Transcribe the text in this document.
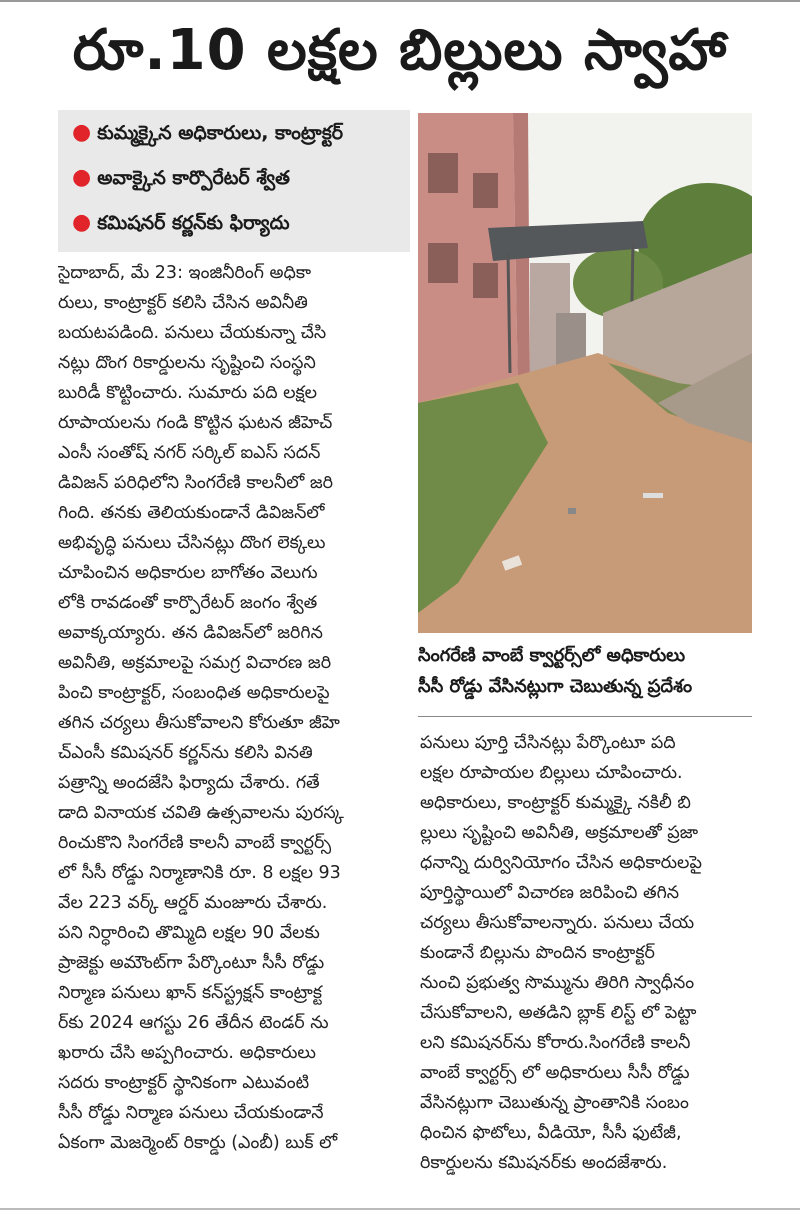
రూ.10 లక్షల బిల్లులు స్వాహా
● కుమ్మక్కైన అధికారులు, కాంట్రాక్టర్
● అవాక్కైన కార్పొరేటర్ శ్వేత
● కమిషనర్ కర్ణన్‌కు ఫిర్యాదు
సింగరేణి వాంబే క్వార్టర్స్‌లో అధికారులు
సీసీ రోడ్డు వేసినట్లుగా చెబుతున్న ప్రదేశం
సైదాబాద్, మే 23: ఇంజినీరింగ్ అధికా
రులు, కాంట్రాక్టర్ కలిసి చేసిన అవినీతి
బయటపడింది. పనులు చేయకున్నా చేసి
నట్లు దొంగ రికార్డులను సృష్టించి సంస్థని
బురిడీ కొట్టించారు. సుమారు పది లక్షల
రూపాయలను గండి కొట్టిన ఘటన జీహెచ్
ఎంసీ సంతోష్ నగర్ సర్కిల్ ఐఎస్ సదన్
డివిజన్ పరిధిలోని సింగరేణి కాలనీలో జరి
గింది. తనకు తెలియకుండానే డివిజన్‌లో
అభివృద్ధి పనులు చేసినట్లు దొంగ లెక్కలు
చూపించిన అధికారుల బాగోతం వెలుగు
లోకి రావడంతో కార్పొరేటర్ జంగం శ్వేత
అవాక్కయ్యారు. తన డివిజన్‌లో జరిగిన
అవినీతి, అక్రమాలపై సమగ్ర విచారణ జరి
పించి కాంట్రాక్టర్, సంబంధిత అధికారులపై
తగిన చర్యలు తీసుకోవాలని కోరుతూ జీహె
చ్‌ఎంసీ కమిషనర్ కర్ణన్‌ను కలిసి వినతి
పత్రాన్ని అందజేసి ఫిర్యాదు చేశారు. గతే
డాది వినాయక చవితి ఉత్సవాలను పురస్క
రించుకొని సింగరేణి కాలనీ వాంబే క్వార్టర్స్
లో సీసీ రోడ్డు నిర్మాణానికి రూ. 8 లక్షల 93
వేల 223 వర్క్ ఆర్డర్ మంజూరు చేశారు.
పని నిర్ధారించి తొమ్మిది లక్షల 90 వేలకు
ప్రాజెక్టు అమౌంట్‌గా పేర్కొంటూ సీసీ రోడ్డు
నిర్మాణ పనులు ఖాన్ కన్‌స్ట్రక్షన్ కాంట్రాక్ట
ర్‌కు 2024 ఆగస్టు 26 తేదీన టెండర్ ను
ఖరారు చేసి అప్పగించారు. అధికారులు
సదరు కాంట్రాక్టర్ స్థానికంగా ఎటువంటి
సీసీ రోడ్డు నిర్మాణ పనులు చేయకుండానే
ఏకంగా మెజర్మెంట్ రికార్డు (ఎంబీ) బుక్ లో
పనులు పూర్తి చేసినట్లు పేర్కొంటూ పది
లక్షల రూపాయల బిల్లులు చూపించారు.
అధికారులు, కాంట్రాక్టర్ కుమ్మక్కై నకిలీ బి
ల్లులు సృష్టించి అవినీతి, అక్రమాలతో ప్రజా
ధనాన్ని దుర్వినియోగం చేసిన అధికారులపై
పూర్తిస్థాయిలో విచారణ జరిపించి తగిన
చర్యలు తీసుకోవాలన్నారు. పనులు చేయ
కుండానే బిల్లును పొందిన కాంట్రాక్టర్
నుంచి ప్రభుత్వ సొమ్మును తిరిగి స్వాధీనం
చేసుకోవాలని, అతడిని బ్లాక్ లిస్ట్ లో పెట్టా
లని కమిషనర్‌ను కోరారు.సింగరేణి కాలనీ
వాంబే క్వార్టర్స్ లో అధికారులు సీసీ రోడ్డు
వేసినట్లుగా చెబుతున్న ప్రాంతానికి సంబం
ధించిన ఫొటోలు, వీడియో, సీసీ ఫుటేజీ,
రికార్డులను కమిషనర్‌కు అందజేశారు.
